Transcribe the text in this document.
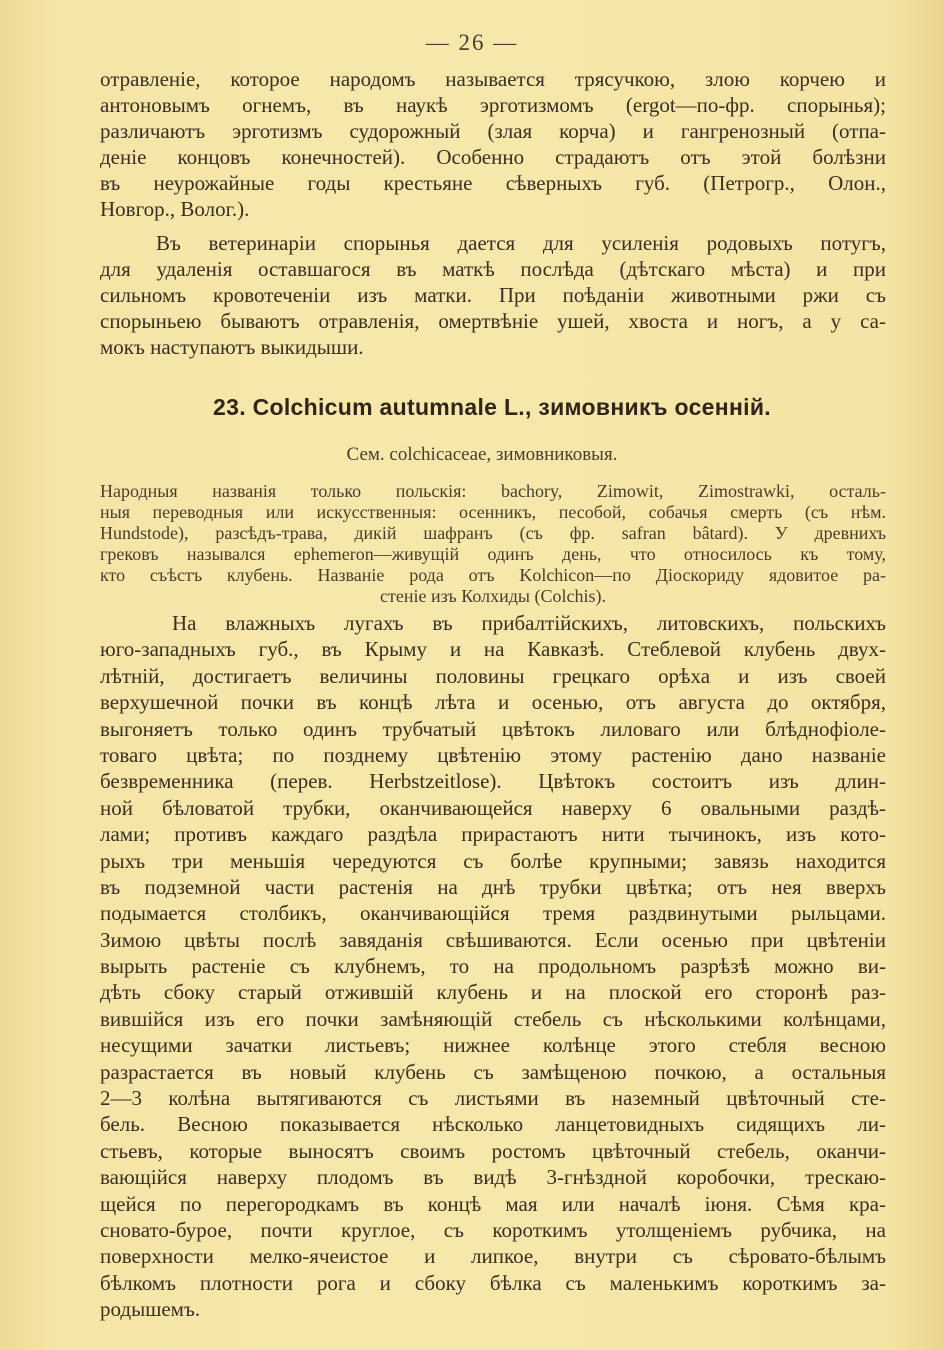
— 26 —
отравленіе, которое народомъ называется трясучкою, злою корчею и
антоновымъ огнемъ, въ наукѣ эрготизмомъ (ergot—по-фр. спорынья);
различаютъ эрготизмъ судорожный (злая корча) и гангренозный (отпа-
деніе концовъ конечностей). Особенно страдаютъ отъ этой болѣзни
въ неурожайные годы крестьяне сѣверныхъ губ. (Петрогр., Олон.,
Новгор., Волог.).
Въ ветеринаріи спорынья дается для усиленія родовыхъ потугъ,
для удаленія оставшагося въ маткѣ послѣда (дѣтскаго мѣста) и при
сильномъ кровотеченіи изъ матки. При поѣданіи животными ржи съ
спорыньею бываютъ отравленія, омертвѣніе ушей, хвоста и ногъ, а у са-
мокъ наступаютъ выкидыши.
23. Colchicum autumnale L., зимовникъ осенній.
Сем. colchicaceae, зимовниковыя.
Народныя названія только польскія: bachory, Zimowit, Zimostrawki, осталь-
ныя переводныя или искусственныя: осенникъ, песобой, собачья смерть (съ нѣм.
Hundstode), разсѣдъ-трава, дикій шафранъ (съ фр. safran bâtard). У древнихъ
грековъ назывался ephemeron—живущій одинъ день, что относилось къ тому,
кто съѣстъ клубень. Названіе рода отъ Kolchicon—по Діоскориду ядовитое ра-
стеніе изъ Колхиды (Colchis).
На влажныхъ лугахъ въ прибалтійскихъ, литовскихъ, польскихъ
юго-западныхъ губ., въ Крыму и на Кавказѣ. Стеблевой клубень двух-
лѣтній, достигаетъ величины половины грецкаго орѣха и изъ своей
верхушечной почки въ концѣ лѣта и осенью, отъ августа до октября,
выгоняетъ только одинъ трубчатый цвѣтокъ лиловаго или блѣднофіоле-
товаго цвѣта; по позднему цвѣтенію этому растенію дано названіе
безвременника (перев. Herbstzeitlose). Цвѣтокъ состоитъ изъ длин-
ной бѣловатой трубки, оканчивающейся наверху 6 овальными раздѣ-
лами; противъ каждаго раздѣла прирастаютъ нити тычинокъ, изъ кото-
рыхъ три меньшія чередуются съ болѣе крупными; завязь находится
въ подземной части растенія на днѣ трубки цвѣтка; отъ нея вверхъ
подымается столбикъ, оканчивающійся тремя раздвинутыми рыльцами.
Зимою цвѣты послѣ завяданія свѣшиваются. Если осенью при цвѣтеніи
вырыть растеніе съ клубнемъ, то на продольномъ разрѣзѣ можно ви-
дѣть сбоку старый отжившій клубень и на плоской его сторонѣ раз-
вившійся изъ его почки замѣняющій стебель съ нѣсколькими колѣнцами,
несущими зачатки листьевъ; нижнее колѣнце этого стебля весною
разрастается въ новый клубень съ замѣщеною почкою, а остальныя
2—3 колѣна вытягиваются съ листьями въ наземный цвѣточный сте-
бель. Весною показывается нѣсколько ланцетовидныхъ сидящихъ ли-
стьевъ, которые выносятъ своимъ ростомъ цвѣточный стебель, оканчи-
вающійся наверху плодомъ въ видѣ 3-гнѣздной коробочки, трескаю-
щейся по перегородкамъ въ концѣ мая или началѣ іюня. Сѣмя кра-
сновато-бурое, почти круглое, съ короткимъ утолщеніемъ рубчика, на
поверхности мелко-ячеистое и липкое, внутри съ сѣровато-бѣлымъ
бѣлкомъ плотности рога и сбоку бѣлка съ маленькимъ короткимъ за-
родышемъ.
